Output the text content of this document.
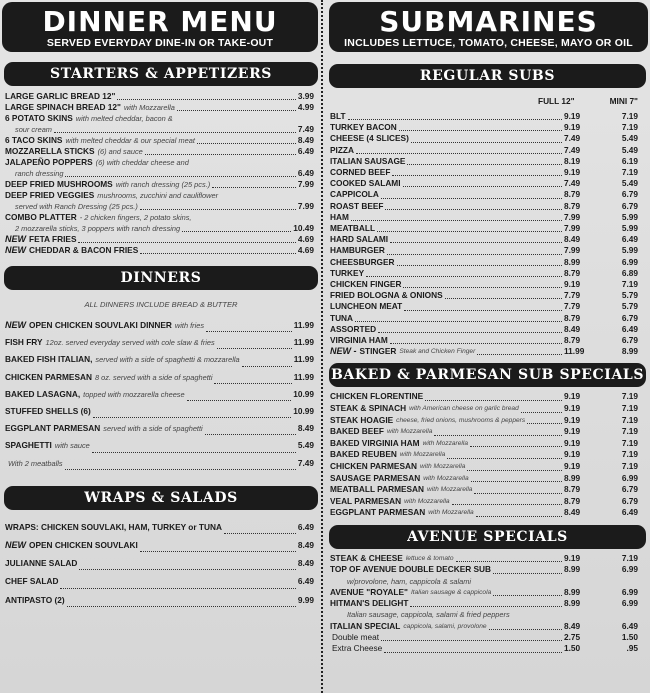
DINNER MENU
SERVED EVERYDAY DINE-IN OR TAKE-OUT
STARTERS & APPETIZERS
LARGE GARLIC BREAD 12"	3.99
LARGE SPINACH BREAD 12" with Mozzarella	4.99
6 POTATO SKINS with melted cheddar, bacon &
sour cream	7.49
6 TACO SKINS with melted cheddar & our special meat	8.49
MOZZARELLA STICKS (6) and sauce	6.49
JALAPEÑO POPPERS (6) with cheddar cheese and
ranch dressing	6.49
DEEP FRIED MUSHROOMS with ranch dressing (25 pcs.)	7.99
DEEP FRIED VEGGIES mushrooms, zucchini and cauliflower
served with Ranch Dressing (25 pcs.)	7.99
COMBO PLATTER - 2 chicken fingers, 2 potato skins,
2 mozzarella sticks, 3 poppers with ranch dressing	10.49
NEW FETA FRIES	4.69
NEW CHEDDAR & BACON FRIES	4.69
DINNERS
ALL DINNERS INCLUDE BREAD & BUTTER
NEW OPEN CHICKEN SOUVLAKI DINNER with fries	11.99
FISH FRY 12oz. served everyday served with cole slaw & fries	11.99
BAKED FISH ITALIAN, served with a side of spaghetti & mozzarella	11.99
CHICKEN PARMESAN 8 oz. served with a side of spaghetti	11.99
BAKED LASAGNA, topped with mozzarella cheese	10.99
STUFFED SHELLS (6)	10.99
EGGPLANT PARMESAN served with a side of spaghetti	8.49
SPAGHETTI with sauce	5.49
With 2 meatballs	7.49
WRAPS & SALADS
WRAPS: CHICKEN SOUVLAKI, HAM, TURKEY or TUNA	6.49
NEW OPEN CHICKEN SOUVLAKI	8.49
JULIANNE SALAD	8.49
CHEF SALAD	6.49
ANTIPASTO (2)	9.99
SUBMARINES
INCLUDES LETTUCE, TOMATO, CHEESE, MAYO OR OIL
REGULAR SUBS
FULL 12"	MINI 7"
BLT	9.19	7.19
TURKEY BACON	9.19	7.19
CHEESE (4 SLICES)	7.49	5.49
PIZZA	7.49	5.49
ITALIAN SAUSAGE	8.19	6.19
CORNED BEEF	9.19	7.19
COOKED SALAMI	7.49	5.49
CAPPICOLA	8.79	6.79
ROAST BEEF	8.79	6.79
HAM	7.99	5.99
MEATBALL	7.99	5.99
HARD SALAMI	8.49	6.49
HAMBURGER	7.99	5.99
CHEESBURGER	8.99	6.99
TURKEY	8.79	6.89
CHICKEN FINGER	9.19	7.19
FRIED BOLOGNA & ONIONS	7.79	5.79
LUNCHEON MEAT	7.79	5.79
TUNA	8.79	6.79
ASSORTED	8.49	6.49
VIRGINIA HAM	8.79	6.79
NEW - STINGER Steak and Chicken Finger	11.99	8.99
BAKED & PARMESAN SUB SPECIALS
CHICKEN FLORENTINE	9.19	7.19
STEAK & SPINACH with American cheese on garlic bread	9.19	7.19
STEAK HOAGIE cheese, fried onions, mushrooms & peppers	9.19	7.19
BAKED BEEF with Mozzarella	9.19	7.19
BAKED VIRGINIA HAM with Mozzarella	9.19	7.19
BAKED REUBEN with Mozzarella	9.19	7.19
CHICKEN PARMESAN with Mozzarella	9.19	7.19
SAUSAGE PARMESAN with Mozzarella	8.99	6.99
MEATBALL PARMESAN with Mozzarella	8.79	6.79
VEAL PARMESAN with Mozzarella	8.79	6.79
EGGPLANT PARMESAN with Mozzarella	8.49	6.49
AVENUE SPECIALS
STEAK & CHEESE lettuce & tomato	9.19	7.19
TOP OF AVENUE DOUBLE DECKER SUB	8.99	6.99
w/provolone, ham, cappicola & salami
AVENUE "ROYALE" Italian sausage & cappicola	8.99	6.99
HITMAN'S DELIGHT	8.99	6.99
Italian sausage, cappicola, salami & fried peppers
ITALIAN SPECIAL cappicola, salami, provolone	8.49	6.49
Double meat	2.75	1.50
Extra Cheese	1.50	.95
